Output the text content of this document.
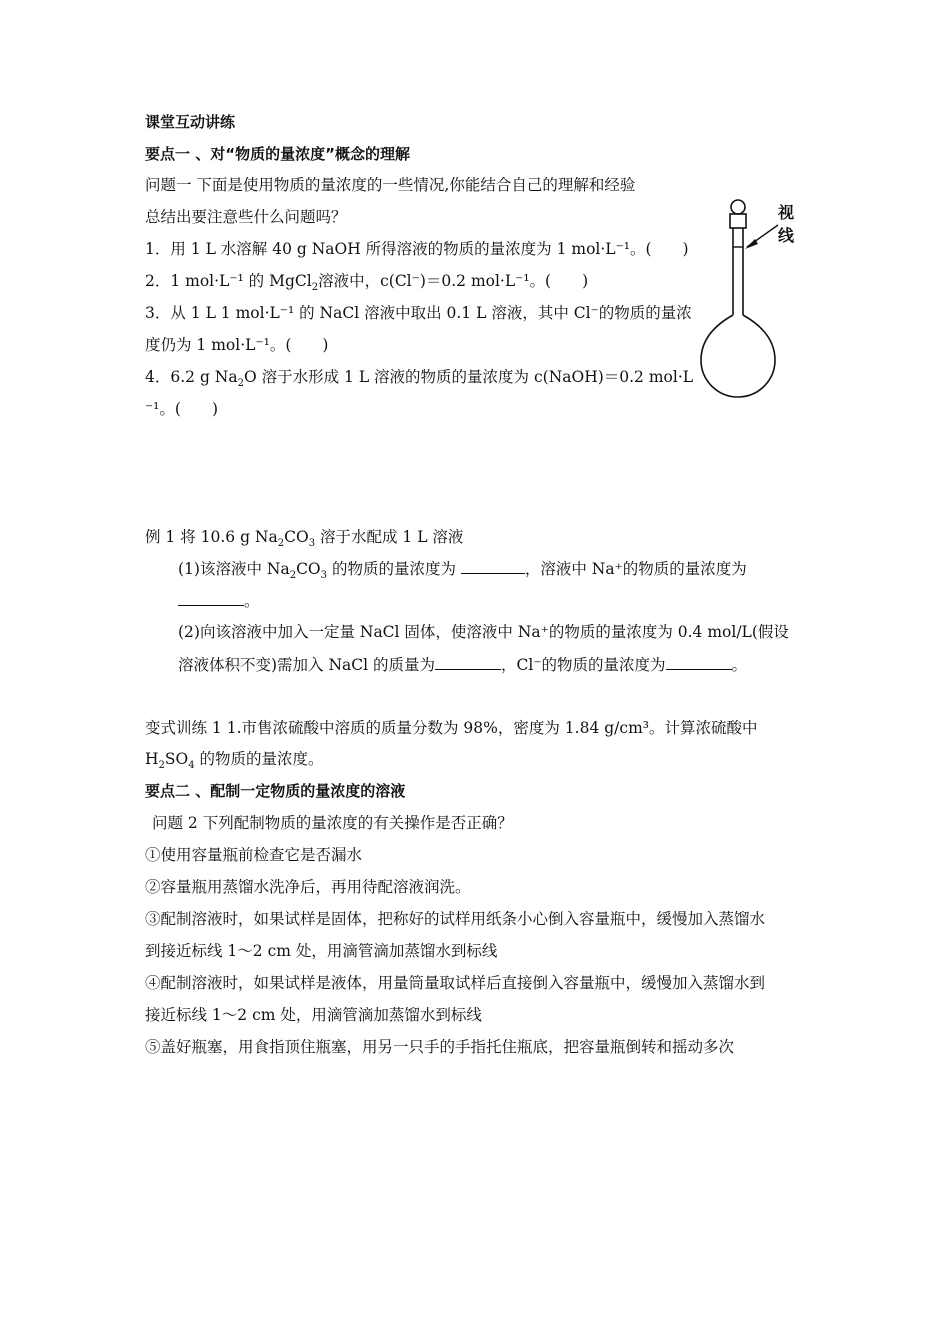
课堂互动讲练
要点一 、对“物质的量浓度”概念的理解
问题一 下面是使用物质的量浓度的一些情况,你能结合自己的理解和经验
总结出要注意些什么问题吗？
1．用 1 L 水溶解 40 g NaOH 所得溶液的物质的量浓度为 1 mol·L⁻¹。(　　)
2．1 mol·L⁻¹ 的 MgCl$_2$溶液中，c(Cl⁻)＝0.2 mol·L⁻¹。(　　)
3．从 1 L 1 mol·L⁻¹ 的 NaCl 溶液中取出 0.1 L 溶液，其中 Cl⁻的物质的量浓
度仍为 1 mol·L⁻¹。(　　)
4．6.2 g $Na_2O$ 溶于水形成 1 L 溶液的物质的量浓度为 c(NaOH)＝0.2 mol·L
⁻¹。(　　)
视
线
例 1 将 10.6 g $Na_2CO_3$ 溶于水配成 1 L 溶液
(1)该溶液中 $Na_2CO_3$ 的物质的量浓度为	，溶液中 Na⁺的物质的量浓度为
。
(2)向该溶液中加入一定量 NaCl 固体，使溶液中 Na⁺的物质的量浓度为 0.4 mol/L(假设
溶液体积不变)需加入 NaCl 的质量为	，Cl⁻的物质的量浓度为	。
变式训练 1 1.市售浓硫酸中溶质的质量分数为 98%，密度为 1.84 g/cm³。计算浓硫酸中
$H_2SO_4$ 的物质的量浓度。
要点二 、配制一定物质的量浓度的溶液
问题 2 下列配制物质的量浓度的有关操作是否正确？
①使用容量瓶前检查它是否漏水
②容量瓶用蒸馏水洗净后，再用待配溶液润洗。
③配制溶液时，如果试样是固体，把称好的试样用纸条小心倒入容量瓶中，缓慢加入蒸馏水
到接近标线 1～2 cm 处，用滴管滴加蒸馏水到标线
④配制溶液时，如果试样是液体，用量筒量取试样后直接倒入容量瓶中，缓慢加入蒸馏水到
接近标线 1～2 cm 处，用滴管滴加蒸馏水到标线
⑤盖好瓶塞，用食指顶住瓶塞，用另一只手的手指托住瓶底，把容量瓶倒转和摇动多次
